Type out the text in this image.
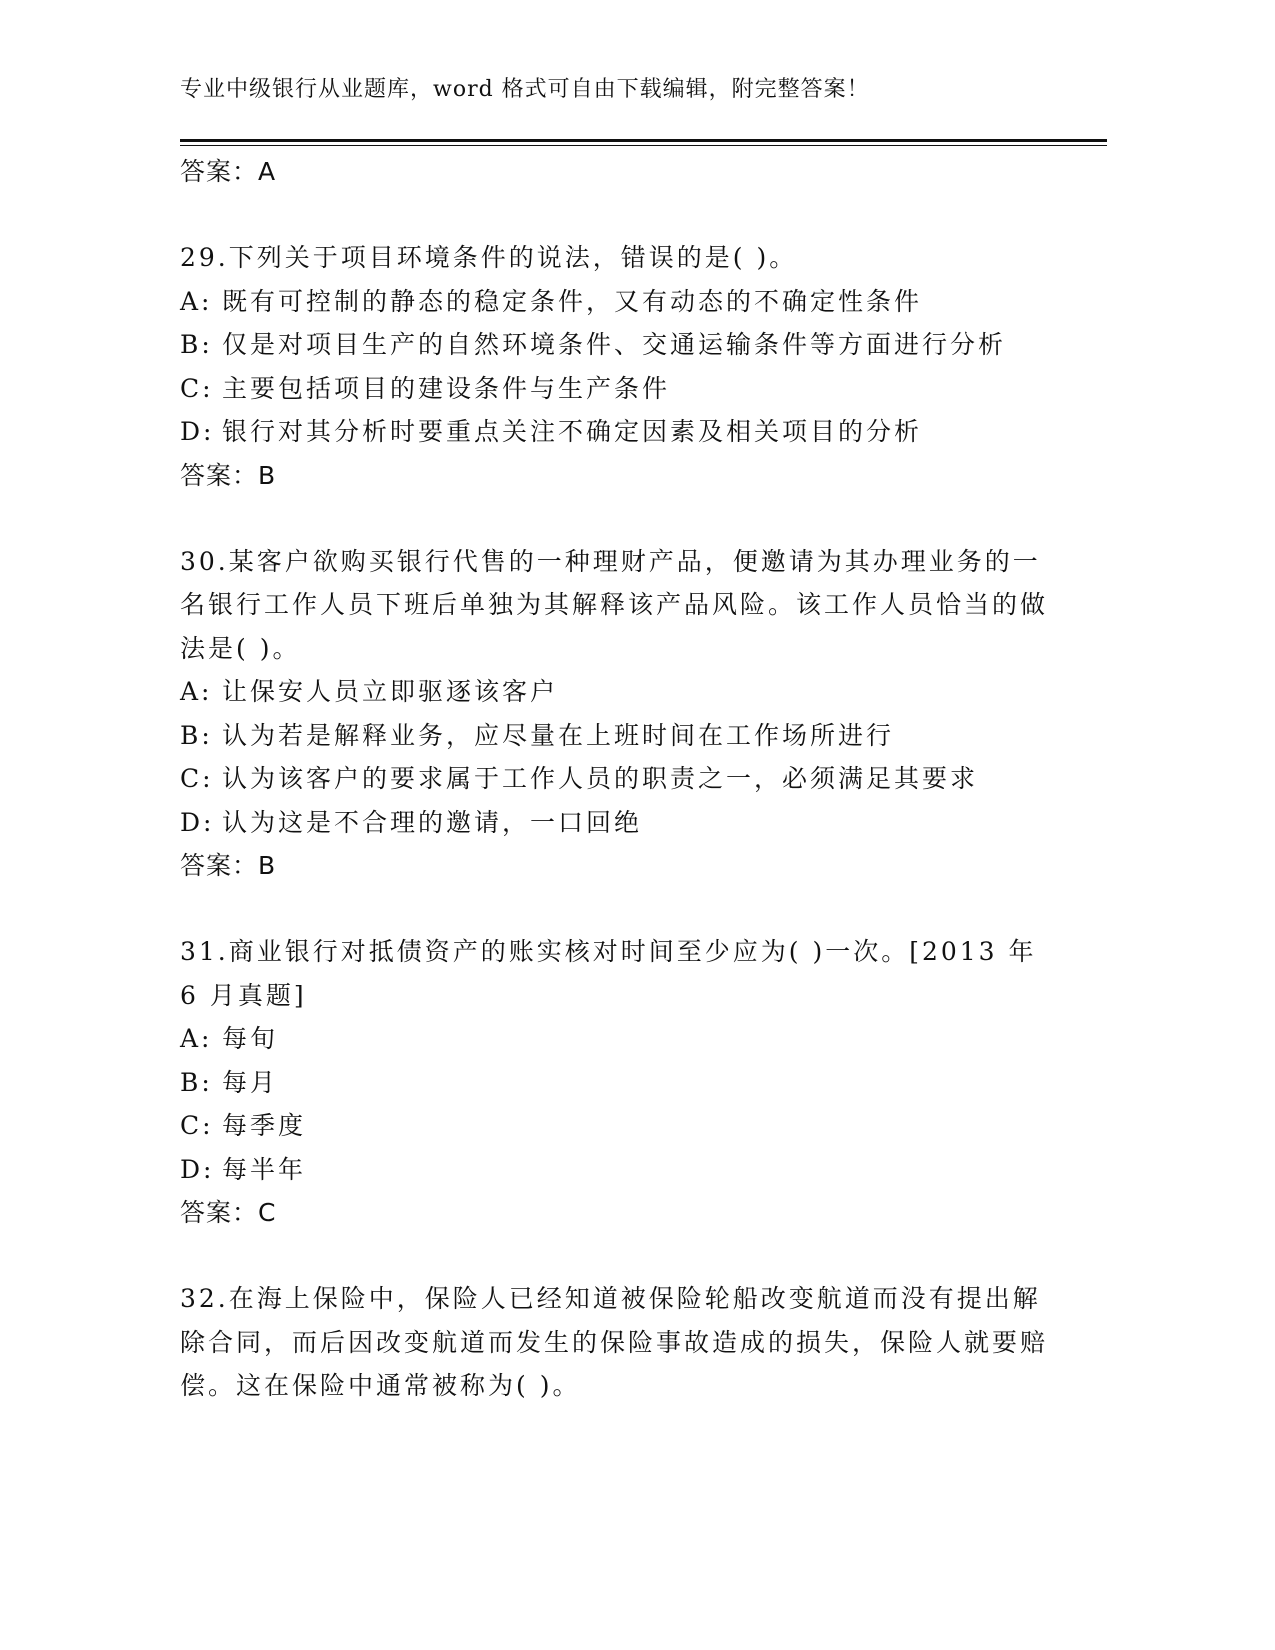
专业中级银行从业题库，word 格式可自由下载编辑，附完整答案！
答案：A
29.下列关于项目环境条件的说法，错误的是( )。
A: 既有可控制的静态的稳定条件，又有动态的不确定性条件
B: 仅是对项目生产的自然环境条件、交通运输条件等方面进行分析
C: 主要包括项目的建设条件与生产条件
D: 银行对其分析时要重点关注不确定因素及相关项目的分析
答案：B
30.某客户欲购买银行代售的一种理财产品，便邀请为其办理业务的一名银行工作人员下班后单独为其解释该产品风险。该工作人员恰当的做法是( )。
A: 让保安人员立即驱逐该客户
B: 认为若是解释业务，应尽量在上班时间在工作场所进行
C: 认为该客户的要求属于工作人员的职责之一，必须满足其要求
D: 认为这是不合理的邀请，一口回绝
答案：B
31.商业银行对抵债资产的账实核对时间至少应为( )一次。[2013 年 6 月真题]
A: 每旬
B: 每月
C: 每季度
D: 每半年
答案：C
32.在海上保险中，保险人已经知道被保险轮船改变航道而没有提出解除合同，而后因改变航道而发生的保险事故造成的损失，保险人就要赔偿。这在保险中通常被称为( )。
